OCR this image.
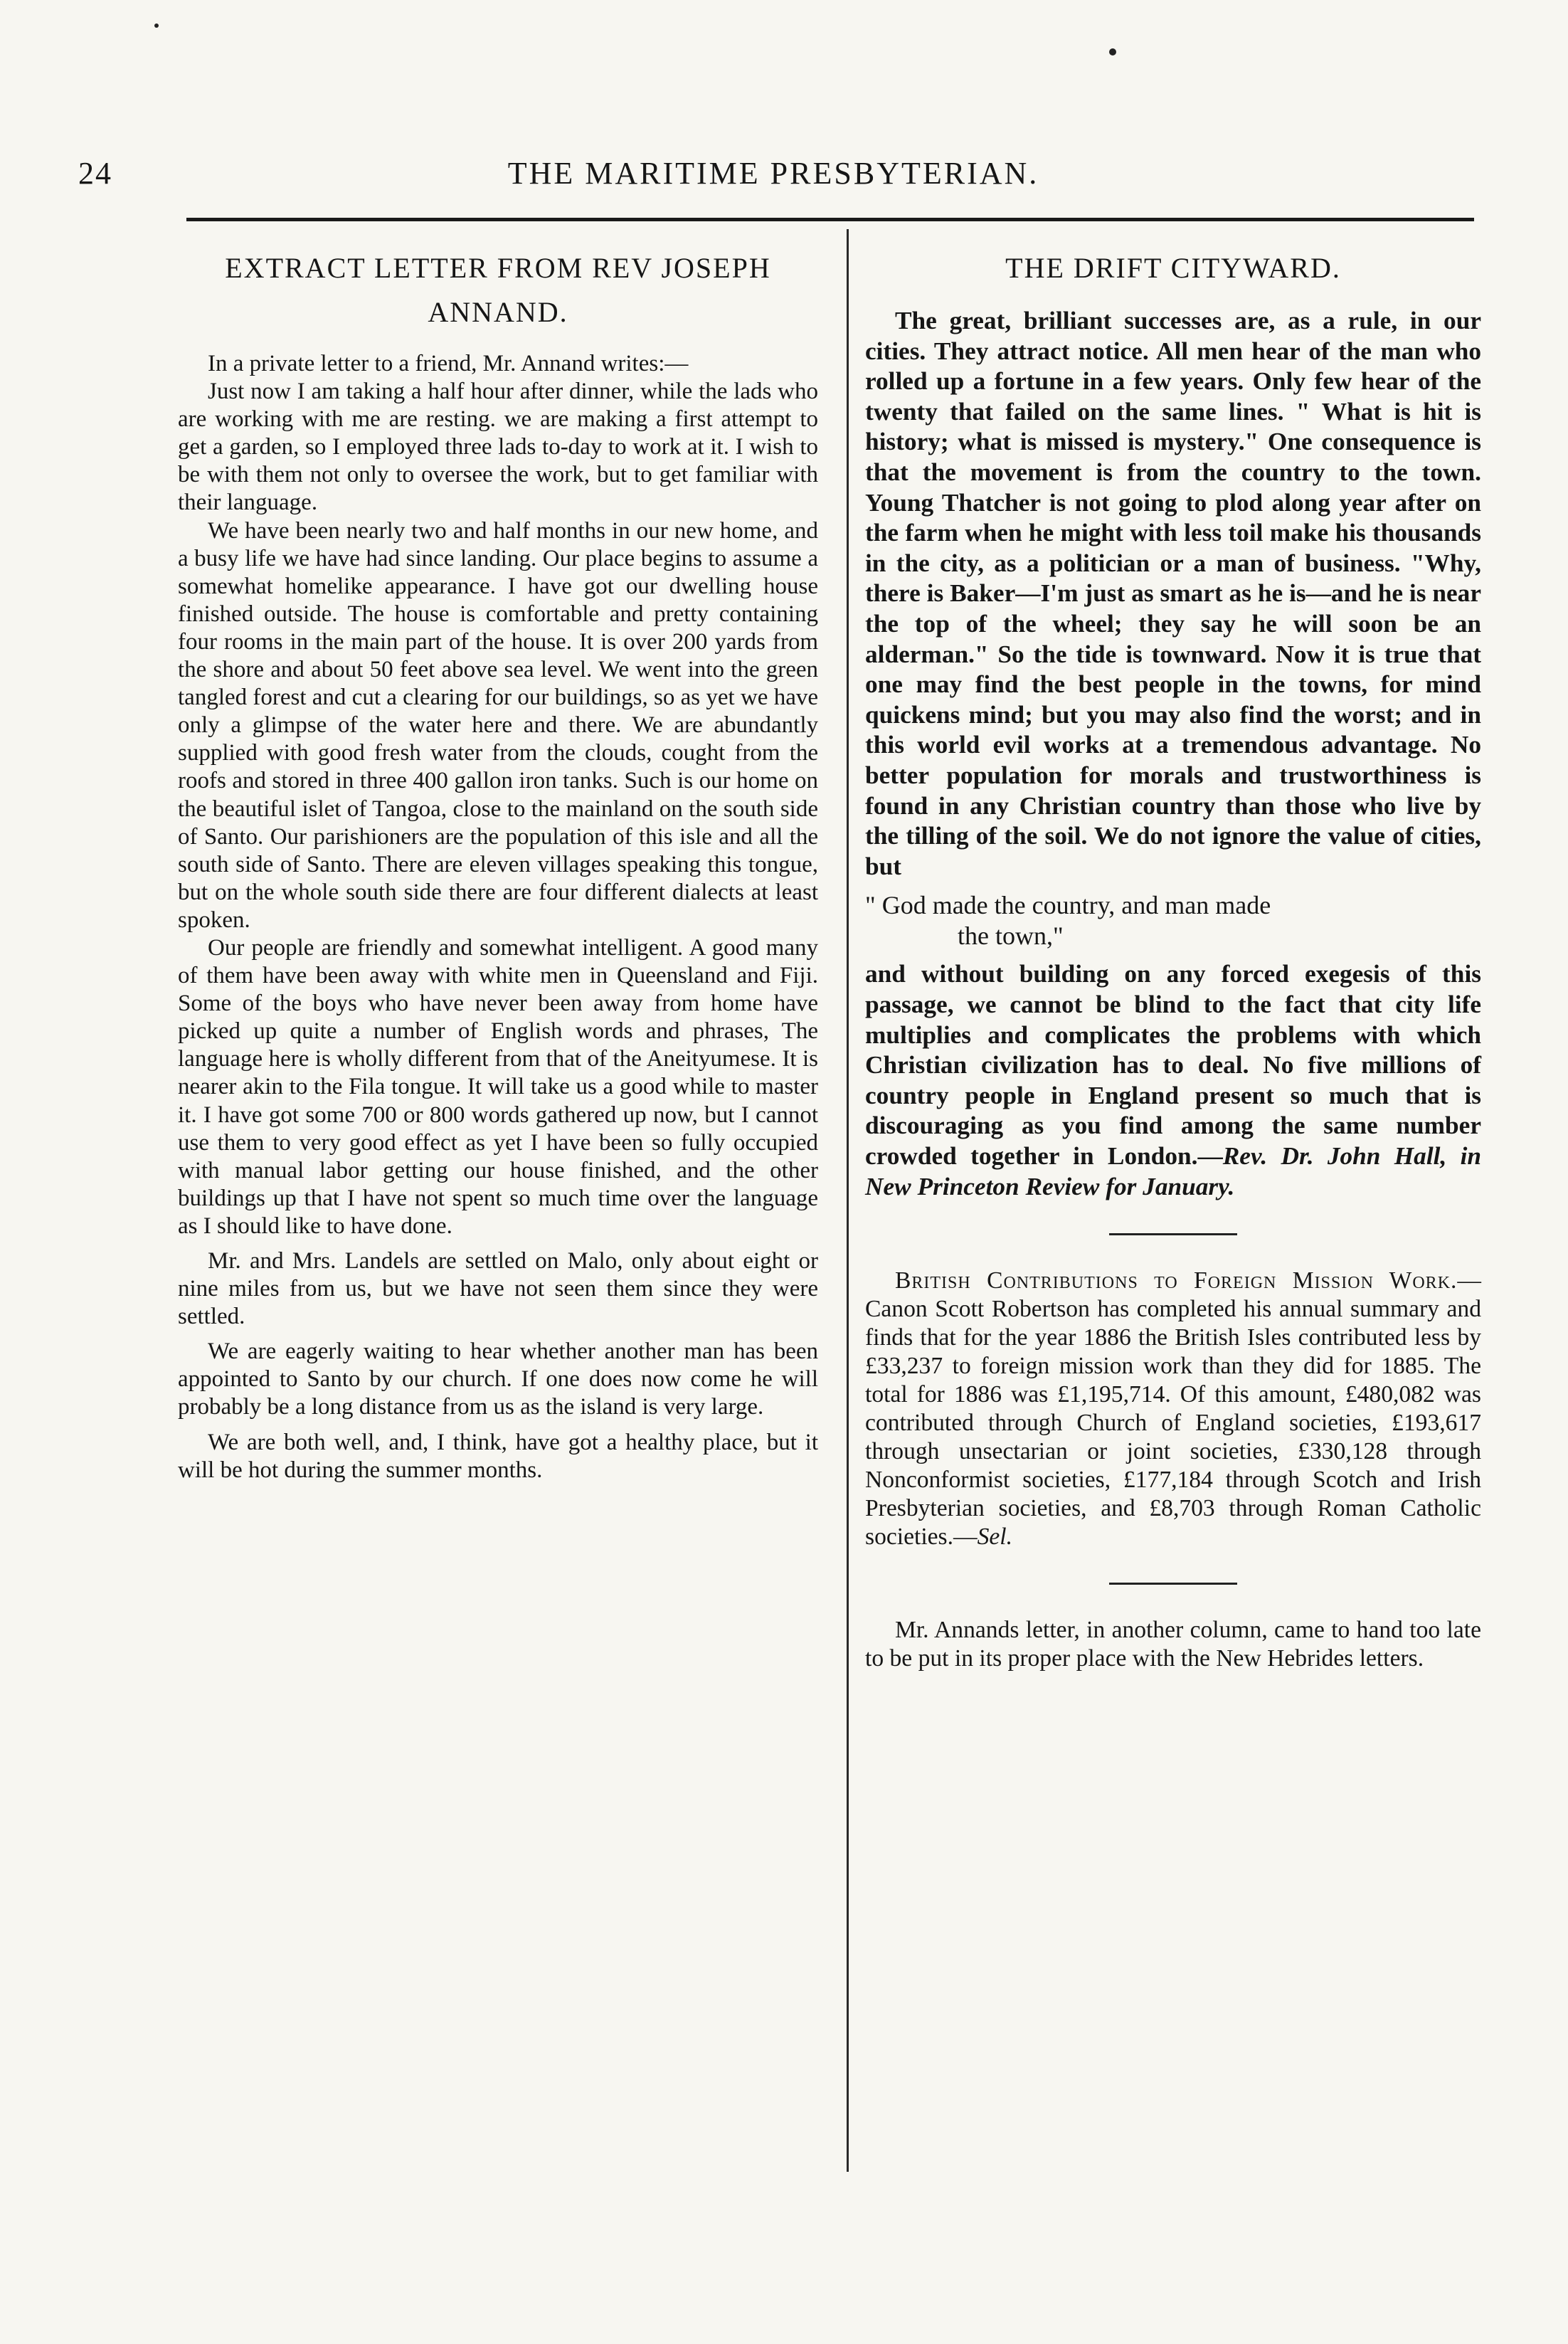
24	THE MARITIME PRESBYTERIAN.
EXTRACT LETTER FROM REV JOSEPH ANNAND.

In a private letter to a friend, Mr. Annand writes:—

Just now I am taking a half hour after dinner, while the lads who are working with me are resting. we are making a first attempt to get a garden, so I employed three lads to-day to work at it. I wish to be with them not only to oversee the work, but to get familiar with their language.

We have been nearly two and half months in our new home, and a busy life we have had since landing. Our place begins to assume a somewhat homelike appearance. I have got our dwelling house finished outside. The house is comfortable and pretty containing four rooms in the main part of the house. It is over 200 yards from the shore and about 50 feet above sea level. We went into the green tangled forest and cut a clearing for our buildings, so as yet we have only a glimpse of the water here and there. We are abundantly supplied with good fresh water from the clouds, cought from the roofs and stored in three 400 gallon iron tanks. Such is our home on the beautiful islet of Tangoa, close to the mainland on the south side of Santo. Our parishioners are the population of this isle and all the south side of Santo. There are eleven villages speaking this tongue, but on the whole south side there are four different dialects at least spoken.

Our people are friendly and somewhat intelligent. A good many of them have been away with white men in Queensland and Fiji. Some of the boys who have never been away from home have picked up quite a number of English words and phrases, The language here is wholly different from that of the Aneityumese. It is nearer akin to the Fila tongue. It will take us a good while to master it. I have got some 700 or 800 words gathered up now, but I cannot use them to very good effect as yet I have been so fully occupied with manual labor getting our house finished, and the other buildings up that I have not spent so much time over the language as I should like to have done.

Mr. and Mrs. Landels are settled on Malo, only about eight or nine miles from us, but we have not seen them since they were settled.

We are eagerly waiting to hear whether another man has been appointed to Santo by our church. If one does now come he will probably be a long distance from us as the island is very large.

We are both well, and, I think, have got a healthy place, but it will be hot during the summer months.

THE DRIFT CITYWARD.

The great, brilliant successes are, as a rule, in our cities. They attract notice. All men hear of the man who rolled up a fortune in a few years. Only few hear of the twenty that failed on the same lines. " What is hit is history; what is missed is mystery." One consequence is that the movement is from the country to the town. Young Thatcher is not going to plod along year after on the farm when he might with less toil make his thousands in the city, as a politician or a man of business. "Why, there is Baker—I'm just as smart as he is—and he is near the top of the wheel; they say he will soon be an alderman." So the tide is townward. Now it is true that one may find the best people in the towns, for mind quickens mind; but you may also find the worst; and in this world evil works at a tremendous advantage. No better population for morals and trustworthiness is found in any Christian country than those who live by the tilling of the soil. We do not ignore the value of cities, but

" God made the country, and man made
the town,"

and without building on any forced exegesis of this passage, we cannot be blind to the fact that city life multiplies and complicates the problems with which Christian civilization has to deal. No five millions of country people in England present so much that is discouraging as you find among the same number crowded together in London.—Rev. Dr. John Hall, in New Princeton Review for January.

British Contributions to Foreign Mission Work.—Canon Scott Robertson has completed his annual summary and finds that for the year 1886 the British Isles contributed less by £33,237 to foreign mission work than they did for 1885. The total for 1886 was £1,195,714. Of this amount, £480,082 was contributed through Church of England societies, £193,617 through unsectarian or joint societies, £330,128 through Nonconformist societies, £177,184 through Scotch and Irish Presbyterian societies, and £8,703 through Roman Catholic societies.—Sel.

Mr. Annands letter, in another column, came to hand too late to be put in its proper place with the New Hebrides letters.
